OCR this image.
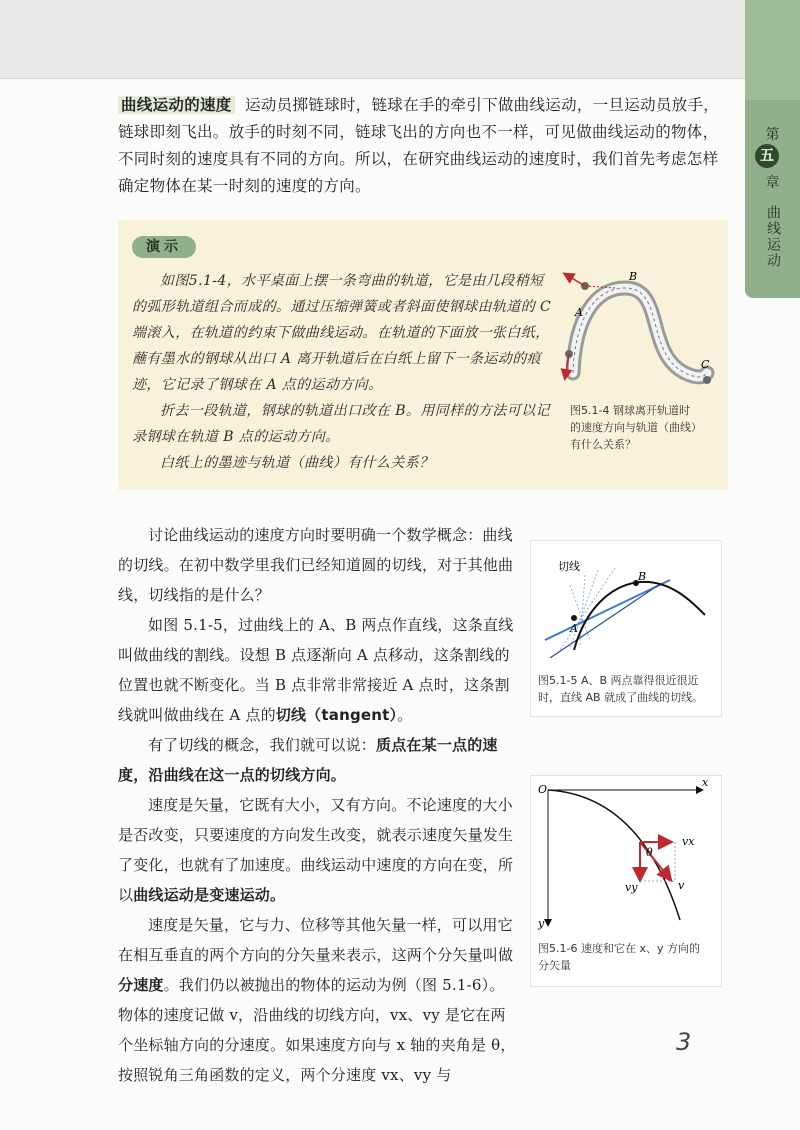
第
五
章
曲线运动
曲线运动的速度 运动员掷链球时，链球在手的牵引下做曲线运动，一旦运动员放手，链球即刻飞出。放手的时刻不同，链球飞出的方向也不一样，可见做曲线运动的物体，不同时刻的速度具有不同的方向。所以，在研究曲线运动的速度时，我们首先考虑怎样确定物体在某一时刻的速度的方向。
演示

如图5.1-4，水平桌面上摆一条弯曲的轨道，它是由几段稍短的弧形轨道组合而成的。通过压缩弹簧或者斜面使钢球由轨道的 C 端滚入，在轨道的约束下做曲线运动。在轨道的下面放一张白纸，蘸有墨水的钢球从出口 A 离开轨道后在白纸上留下一条运动的痕迹，它记录了钢球在 A 点的运动方向。

折去一段轨道，钢球的轨道出口改在 B。用同样的方法可以记录钢球在轨道 B 点的运动方向。

白纸上的墨迹与轨道（曲线）有什么关系？

B
A
C
图5.1-4 钢球离开轨道时
的速度方向与轨道（曲线）
有什么关系？

讨论曲线运动的速度方向时要明确一个数学概念：曲线的切线。在初中数学里我们已经知道圆的切线，对于其他曲线，切线指的是什么？

如图 5.1-5，过曲线上的 A、B 两点作直线，这条直线叫做曲线的割线。设想 B 点逐渐向 A 点移动，这条割线的位置也就不断变化。当 B 点非常非常接近 A 点时，这条割线就叫做曲线在 A 点的切线（tangent）。

有了切线的概念，我们就可以说：质点在某一点的速度，沿曲线在这一点的切线方向。

速度是矢量，它既有大小，又有方向。不论速度的大小是否改变，只要速度的方向发生改变，就表示速度矢量发生了变化，也就有了加速度。曲线运动中速度的方向在变，所以曲线运动是变速运动。

速度是矢量，它与力、位移等其他矢量一样，可以用它在相互垂直的两个方向的分矢量来表示，这两个分矢量叫做分速度。我们仍以被抛出的物体的运动为例（图 5.1-6）。物体的速度记做 v，沿曲线的切线方向，vx、vy 是它在两个坐标轴方向的分速度。如果速度方向与 x 轴的夹角是 θ，按照锐角三角函数的定义，两个分速度 vx、vy 与

切线
A
B
图5.1-5 A、B 两点靠得很近很近
时，直线 AB 就成了曲线的切线。
O
x
y
θ
vx
vy	v
图5.1-6 速度和它在 x、y 方向的
分矢量
3
